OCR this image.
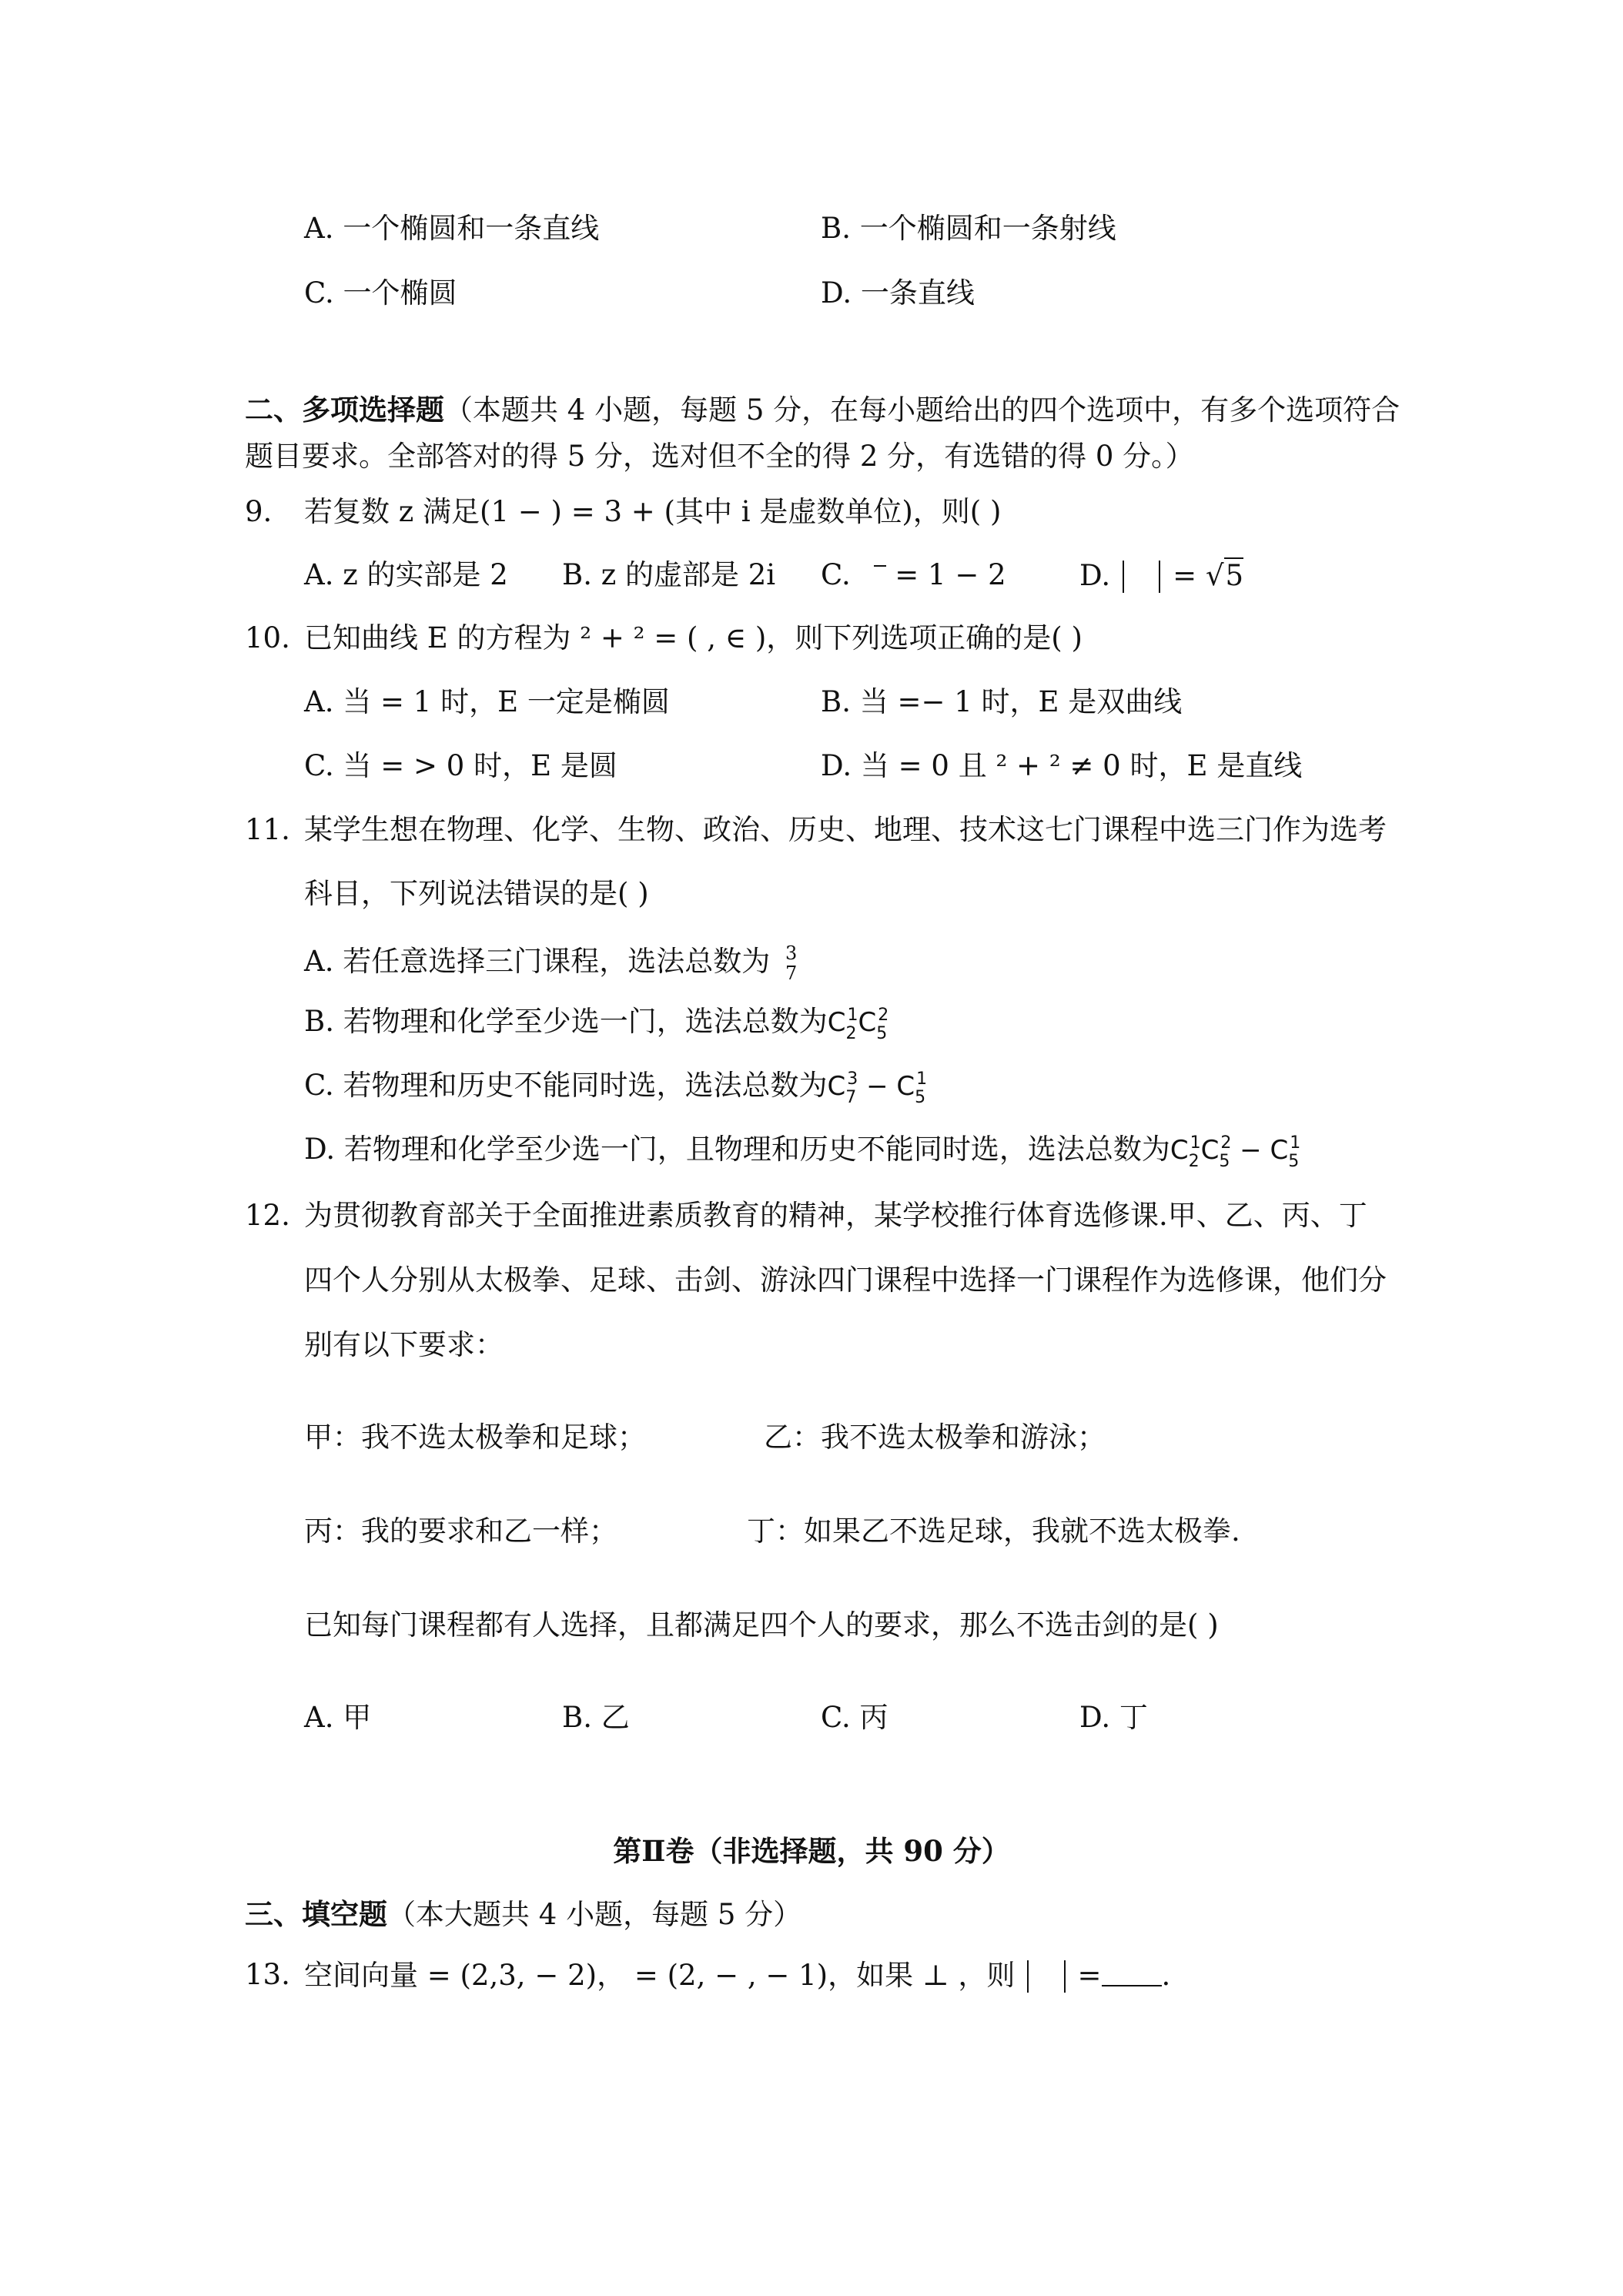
A. 一个椭圆和一条直线	B. 一个椭圆和一条射线
C. 一个椭圆	D. 一条直线
二、多项选择题（本题共 4 小题，每题 5 分，在每小题给出的四个选项中，有多个选项符合
题目要求。全部答对的得 5 分，选对但不全的得 2 分，有选错的得 0 分。）
9. 若复数 z 满足(1 − ) = 3 + (其中 i 是虚数单位)，则( )
A. z 的实部是 2 B. z 的虚部是 2i C. = 1 − 2	D. = √5
10. 已知曲线 E 的方程为 ² + ² = ( , ∈ )，则下列选项正确的是( )
A. 当 = 1 时，E 一定是椭圆	B. 当 =− 1 时，E 是双曲线
C. 当 = > 0 时，E 是圆	D. 当 = 0 且 ² + ² ≠ 0 时，E 是直线
11. 某学生想在物理、化学、生物、政治、历史、地理、技术这七门课程中选三门作为选考
科目，下列说法错误的是( )
A. 若任意选择三门课程，选法总数为 3
7
B. 若物理和化学至少选一门，选法总数为$C_2^1C_5^2$
C. 若物理和历史不能同时选，选法总数为$C_7^3 - C_5^1$
D. 若物理和化学至少选一门，且物理和历史不能同时选，选法总数为$C_2^1C_5^2 - C_5^1$
12. 为贯彻教育部关于全面推进素质教育的精神，某学校推行体育选修课.甲、乙、丙、丁
四个人分别从太极拳、足球、击剑、游泳四门课程中选择一门课程作为选修课，他们分
别有以下要求：
甲：我不选太极拳和足球；	乙：我不选太极拳和游泳；
丙：我的要求和乙一样；	丁：如果乙不选足球，我就不选太极拳.
已知每门课程都有人选择，且都满足四个人的要求，那么不选击剑的是( )
A. 甲	B. 乙	C. 丙	D. 丁
第Ⅱ卷（非选择题，共 90 分）
三、填空题（本大题共 4 小题，每题 5 分）
13. 空间向量 = (2,3, − 2)， = (2, − , − 1)，如果 ⊥ ，则 = .
